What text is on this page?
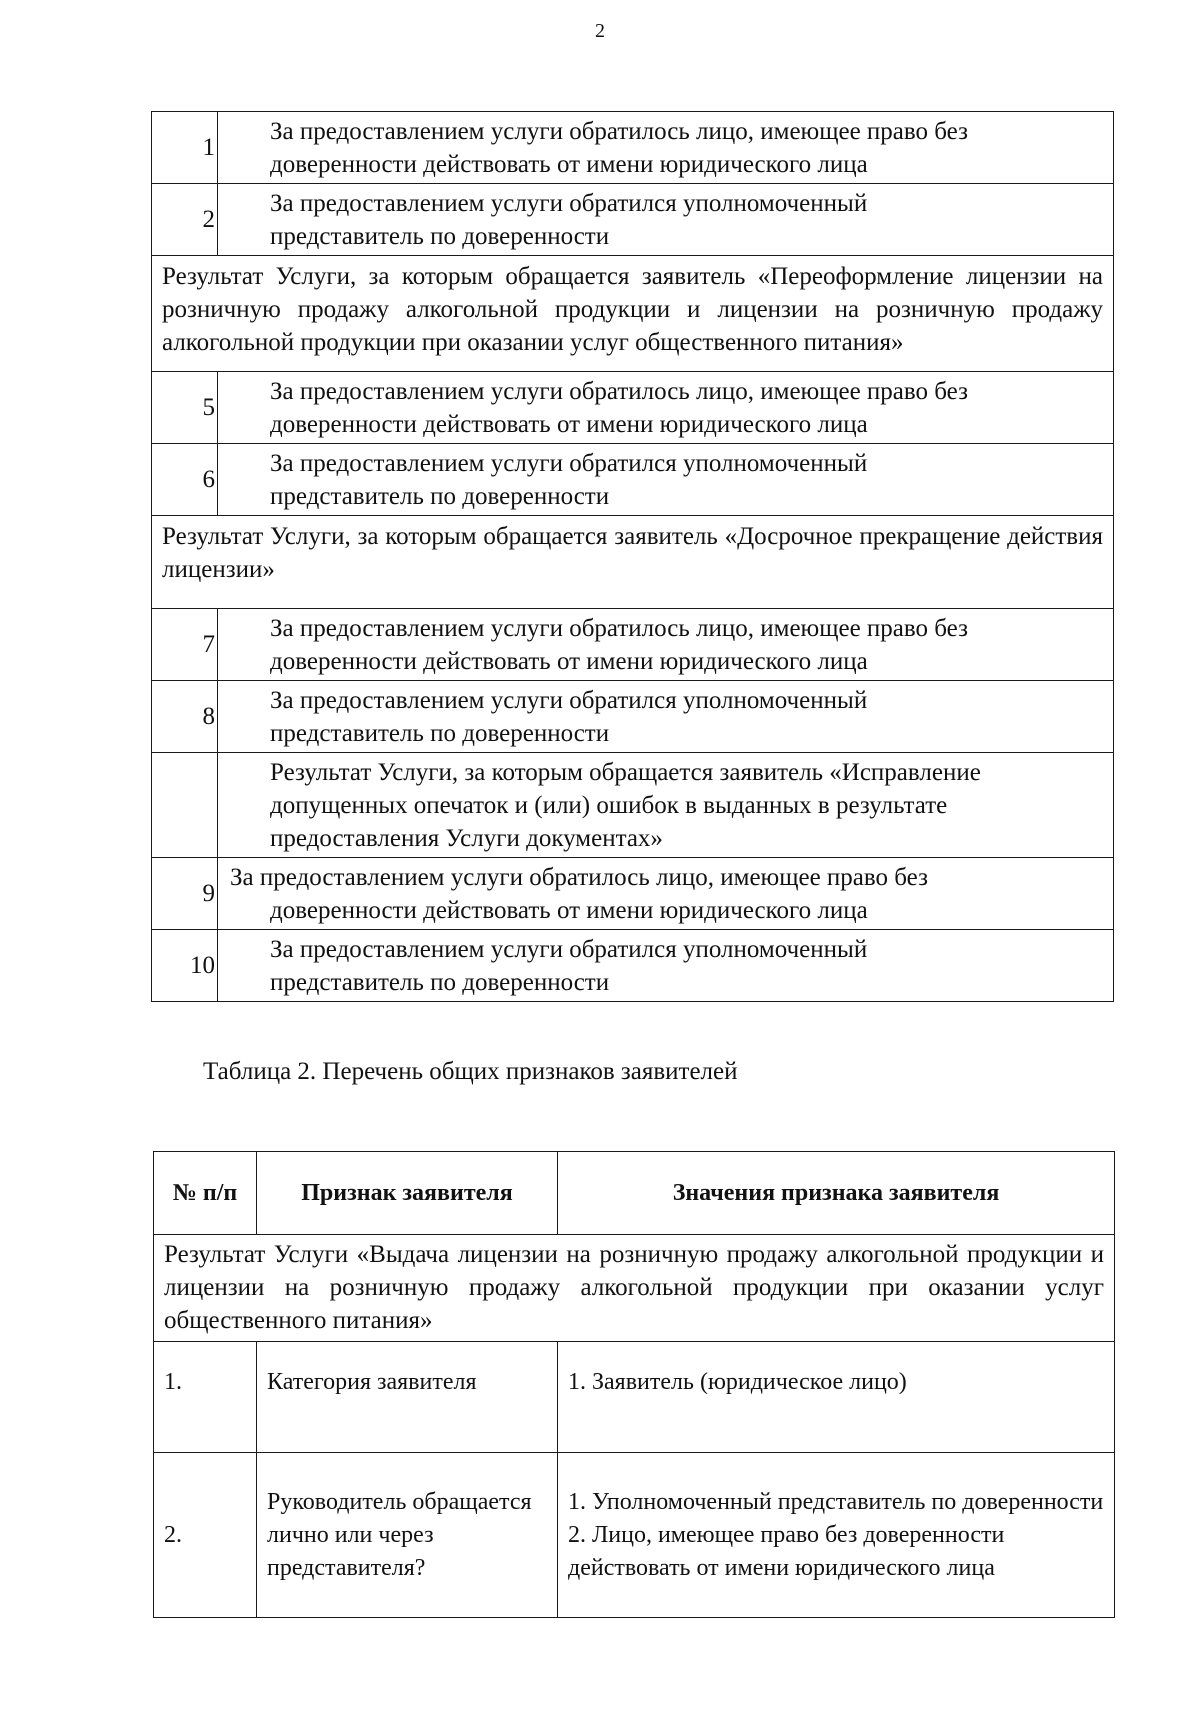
2
1	За предоставлением услуги обратилось лицо, имеющее право без
доверенности действовать от имени юридического лица

2	За предоставлением услуги обратился уполномоченный
представитель по доверенности

Результат Услуги, за которым обращается заявитель «Переоформление лицензии на розничную продажу алкогольной продукции и лицензии на розничную продажу алкогольной продукции при оказании услуг общественного питания»	
5	За предоставлением услуги обратилось лицо, имеющее право без
доверенности действовать от имени юридического лица

6	За предоставлением услуги обратился уполномоченный
представитель по доверенности

Результат Услуги, за которым обращается заявитель «Досрочное прекращение действия лицензии»	
7	За предоставлением услуги обратилось лицо, имеющее право без
доверенности действовать от имени юридического лица

8	За предоставлением услуги обратился уполномоченный
представитель по доверенности

	Результат Услуги, за которым обращается заявитель «Исправление
допущенных опечаток и (или) ошибок в выданных в результате
предоставления Услуги документах»

9	За предоставлением услуги обратилось лицо, имеющее право без
доверенности действовать от имени юридического лица

10	За предоставлением услуги обратился уполномоченный
представитель по доверенности
Таблица 2. Перечень общих признаков заявителей
№ п/п	Признак заявителя	Значения признака заявителя
Результат Услуги «Выдача лицензии на розничную продажу алкогольной продукции и лицензии на розничную продажу алкогольной продукции при оказании услуг общественного питания»		
1.	Категория заявителя	1. Заявитель (юридическое лицо)

2.	Руководитель обращается лично или через представителя?	1. Уполномоченный представитель по доверенности
2. Лицо, имеющее право без доверенности действовать от имени юридического лица
